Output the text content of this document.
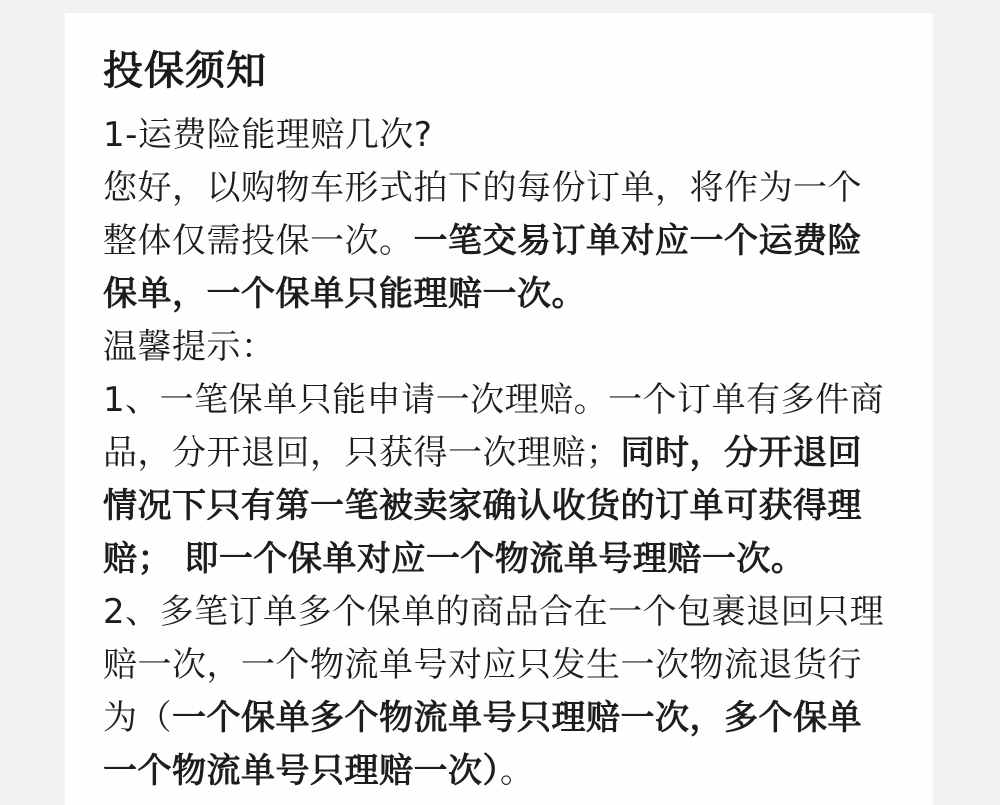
投保须知
1-运费险能理赔几次?
您好，以购物车形式拍下的每份订单，将作为一个
整体仅需投保一次。一笔交易订单对应一个运费险
保单，一个保单只能理赔一次。
温馨提示：
1、一笔保单只能申请一次理赔。一个订单有多件商
品，分开退回，只获得一次理赔；同时，分开退回
情况下只有第一笔被卖家确认收货的订单可获得理
赔； 即一个保单对应一个物流单号理赔一次。
2、多笔订单多个保单的商品合在一个包裹退回只理
赔一次，一个物流单号对应只发生一次物流退货行
为（一个保单多个物流单号只理赔一次，多个保单
一个物流单号只理赔一次）。
